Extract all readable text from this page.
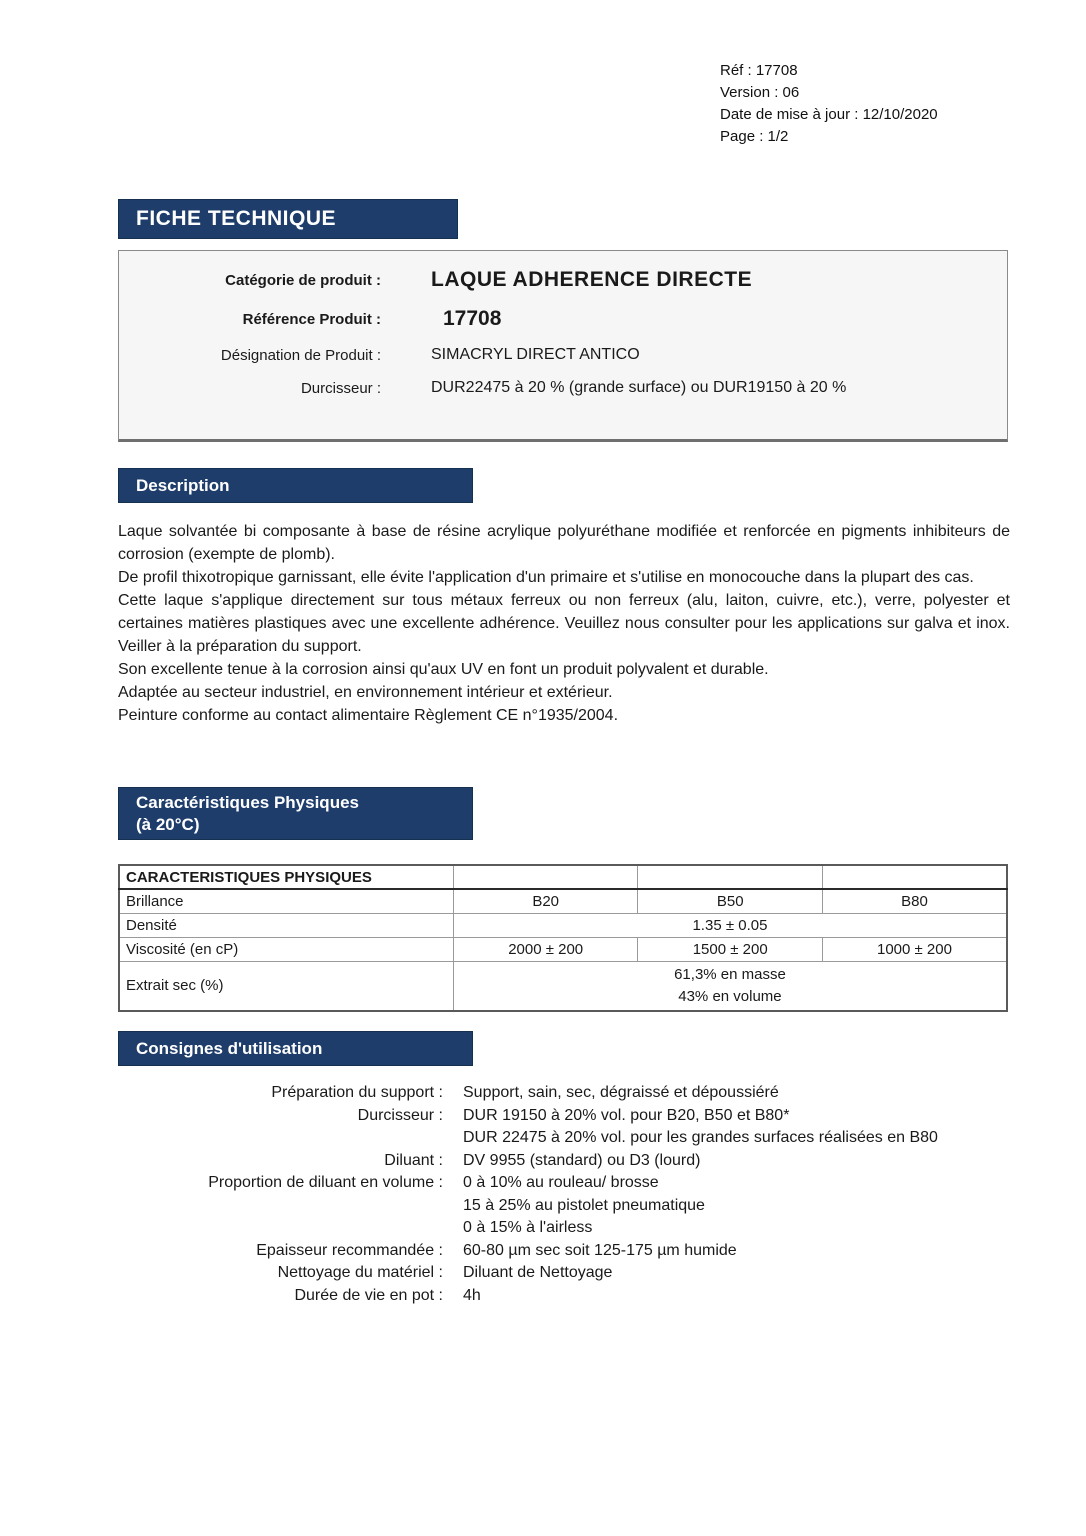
Réf : 17708
Version : 06
Date de mise à jour : 12/10/2020
Page : 1/2
FICHE TECHNIQUE
Catégorie de produit : LAQUE ADHERENCE DIRECTE
Référence Produit :	17708
Désignation de Produit :	SIMACRYL DIRECT ANTICO
Durcisseur :	DUR22475 à 20 % (grande surface) ou DUR19150 à 20 %
Description

Laque solvantée bi composante à base de résine acrylique polyuréthane modifiée et renforcée en pigments inhibiteurs de corrosion (exempte de plomb).

De profil thixotropique garnissant, elle évite l'application d'un primaire et s'utilise en monocouche dans la plupart des cas.

Cette laque s'applique directement sur tous métaux ferreux ou non ferreux (alu, laiton, cuivre, etc.), verre, polyester et certaines matières plastiques avec une excellente adhérence. Veuillez nous consulter pour les applications sur galva et inox. Veiller à la préparation du support.

Son excellente tenue à la corrosion ainsi qu'aux UV en font un produit polyvalent et durable.

Adaptée au secteur industriel, en environnement intérieur et extérieur.

Peinture conforme au contact alimentaire Règlement CE n°1935/2004.

Caractéristiques Physiques
(à 20°C)
CARACTERISTIQUES PHYSIQUES			
Brillance	B20	B50	B80
Densité	1.35 ± 0.05		
Viscosité (en cP)	2000 ± 200	1500 ± 200	1000 ± 200
Extrait sec (%)	61,3% en masse
43% en volume		
Consignes d'utilisation
Préparation du support : Support, sain, sec, dégraissé et dépoussiéré
Durcisseur : DUR 19150 à 20% vol. pour B20, B50 et B80*
DUR 22475 à 20% vol. pour les grandes surfaces réalisées en B80
Diluant : DV 9955 (standard) ou D3 (lourd)
Proportion de diluant en volume : 0 à 10% au rouleau/ brosse
15 à 25% au pistolet pneumatique
0 à 15% à l'airless
Epaisseur recommandée : 60-80 µm sec soit 125-175 µm humide
Nettoyage du matériel : Diluant de Nettoyage
Durée de vie en pot : 4h
